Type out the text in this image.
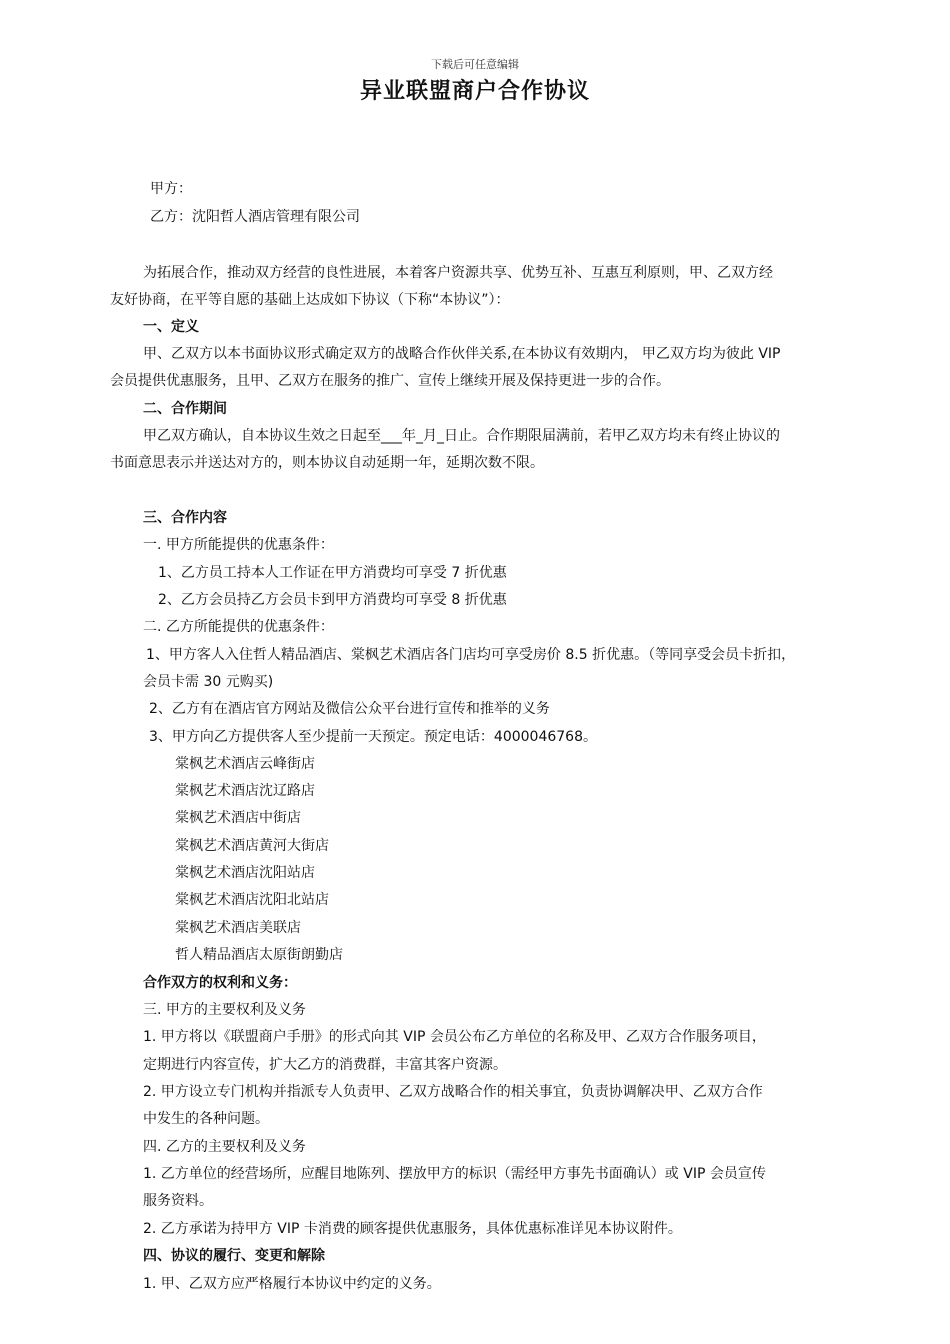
下载后可任意编辑
异业联盟商户合作协议
甲方：
乙方：沈阳哲人酒店管理有限公司
为拓展合作，推动双方经营的良性进展，本着客户资源共享、优势互补、互惠互利原则，甲、乙双方经
友好协商，在平等自愿的基础上达成如下协议（下称“本协议”）：
一、定义
甲、乙双方以本书面协议形式确定双方的战略合作伙伴关系,在本协议有效期内， 甲乙双方均为彼此 VIP
会员提供优惠服务，且甲、乙双方在服务的推广、宣传上继续开展及保持更进一步的合作。
二、合作期间
甲乙双方确认，自本协议生效之日起至___年_月_日止。合作期限届满前，若甲乙双方均未有终止协议的
书面意思表示并送达对方的，则本协议自动延期一年，延期次数不限。
三、合作内容
一. 甲方所能提供的优惠条件：
1、乙方员工持本人工作证在甲方消费均可享受 7 折优惠
2、乙方会员持乙方会员卡到甲方消费均可享受 8 折优惠
二. 乙方所能提供的优惠条件：
1、甲方客人入住哲人精品酒店、棠枫艺术酒店各门店均可享受房价 8.5 折优惠。（等同享受会员卡折扣，
会员卡需 30 元购买)
2、乙方有在酒店官方网站及微信公众平台进行宣传和推举的义务
3、甲方向乙方提供客人至少提前一天预定。预定电话：4000046768。
棠枫艺术酒店云峰街店
棠枫艺术酒店沈辽路店
棠枫艺术酒店中街店
棠枫艺术酒店黄河大街店
棠枫艺术酒店沈阳站店
棠枫艺术酒店沈阳北站店
棠枫艺术酒店美联店
哲人精品酒店太原街朗勤店
合作双方的权利和义务：
三. 甲方的主要权利及义务
1. 甲方将以《联盟商户手册》的形式向其 VIP 会员公布乙方单位的名称及甲、乙双方合作服务项目，
定期进行内容宣传，扩大乙方的消费群，丰富其客户资源。
2. 甲方设立专门机构并指派专人负责甲、乙双方战略合作的相关事宜，负责协调解决甲、乙双方合作
中发生的各种问题。
四. 乙方的主要权利及义务
1. 乙方单位的经营场所，应醒目地陈列、摆放甲方的标识（需经甲方事先书面确认）或 VIP 会员宣传
服务资料。
2. 乙方承诺为持甲方 VIP 卡消费的顾客提供优惠服务，具体优惠标准详见本协议附件。
四、协议的履行、变更和解除
1. 甲、乙双方应严格履行本协议中约定的义务。
